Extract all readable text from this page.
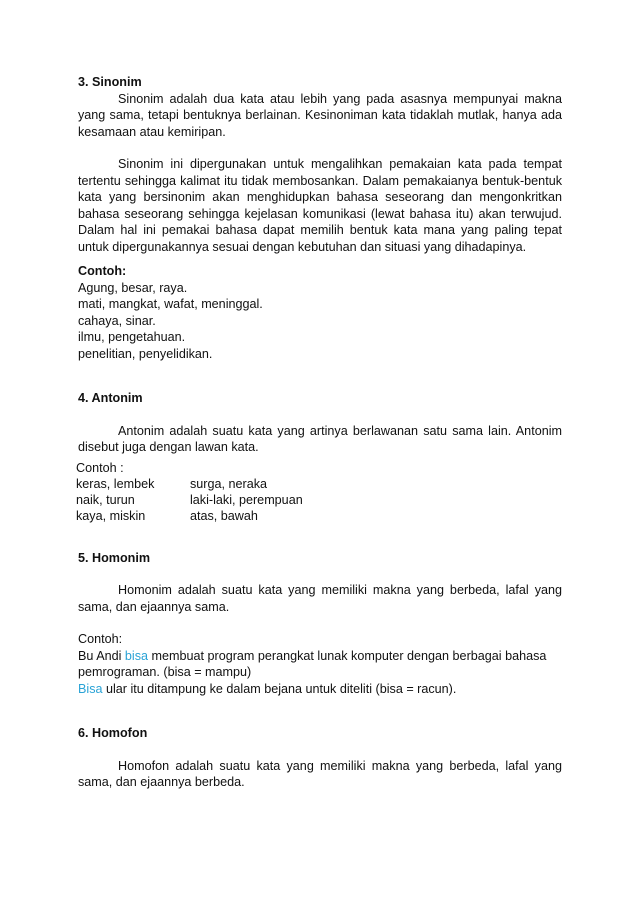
3. Sinonim

Sinonim adalah dua kata atau lebih yang pada asasnya mempunyai makna yang sama, tetapi bentuknya berlainan. Kesinoniman kata tidaklah mutlak, hanya ada kesamaan atau kemiripan.

Sinonim ini dipergunakan untuk mengalihkan pemakaian kata pada tempat tertentu sehingga kalimat itu tidak membosankan. Dalam pemakaianya bentuk-bentuk kata yang bersinonim akan menghidupkan bahasa seseorang dan mengonkritkan bahasa seseorang sehingga kejelasan komunikasi (lewat bahasa itu) akan terwujud. Dalam hal ini pemakai bahasa dapat memilih bentuk kata mana yang paling tepat untuk dipergunakannya sesuai dengan kebutuhan dan situasi yang dihadapinya.

Contoh:

Agung, besar, raya.

mati, mangkat, wafat, meninggal.

cahaya, sinar.

ilmu, pengetahuan.

penelitian, penyelidikan.

4. Antonim

Antonim adalah suatu kata yang artinya berlawanan satu sama lain. Antonim disebut juga dengan lawan kata.

Contoh :
keras, lembek
naik, turun
kaya, miskin
surga, neraka
laki-laki, perempuan
atas, bawah

5. Homonim

Homonim adalah suatu kata yang memiliki makna yang berbeda, lafal yang sama, dan ejaannya sama.

Contoh:

Bu Andi bisa membuat program perangkat lunak komputer dengan berbagai bahasa pemrograman. (bisa = mampu)

Bisa ular itu ditampung ke dalam bejana untuk diteliti (bisa = racun).

6. Homofon

Homofon adalah suatu kata yang memiliki makna yang berbeda, lafal yang sama, dan ejaannya berbeda.
